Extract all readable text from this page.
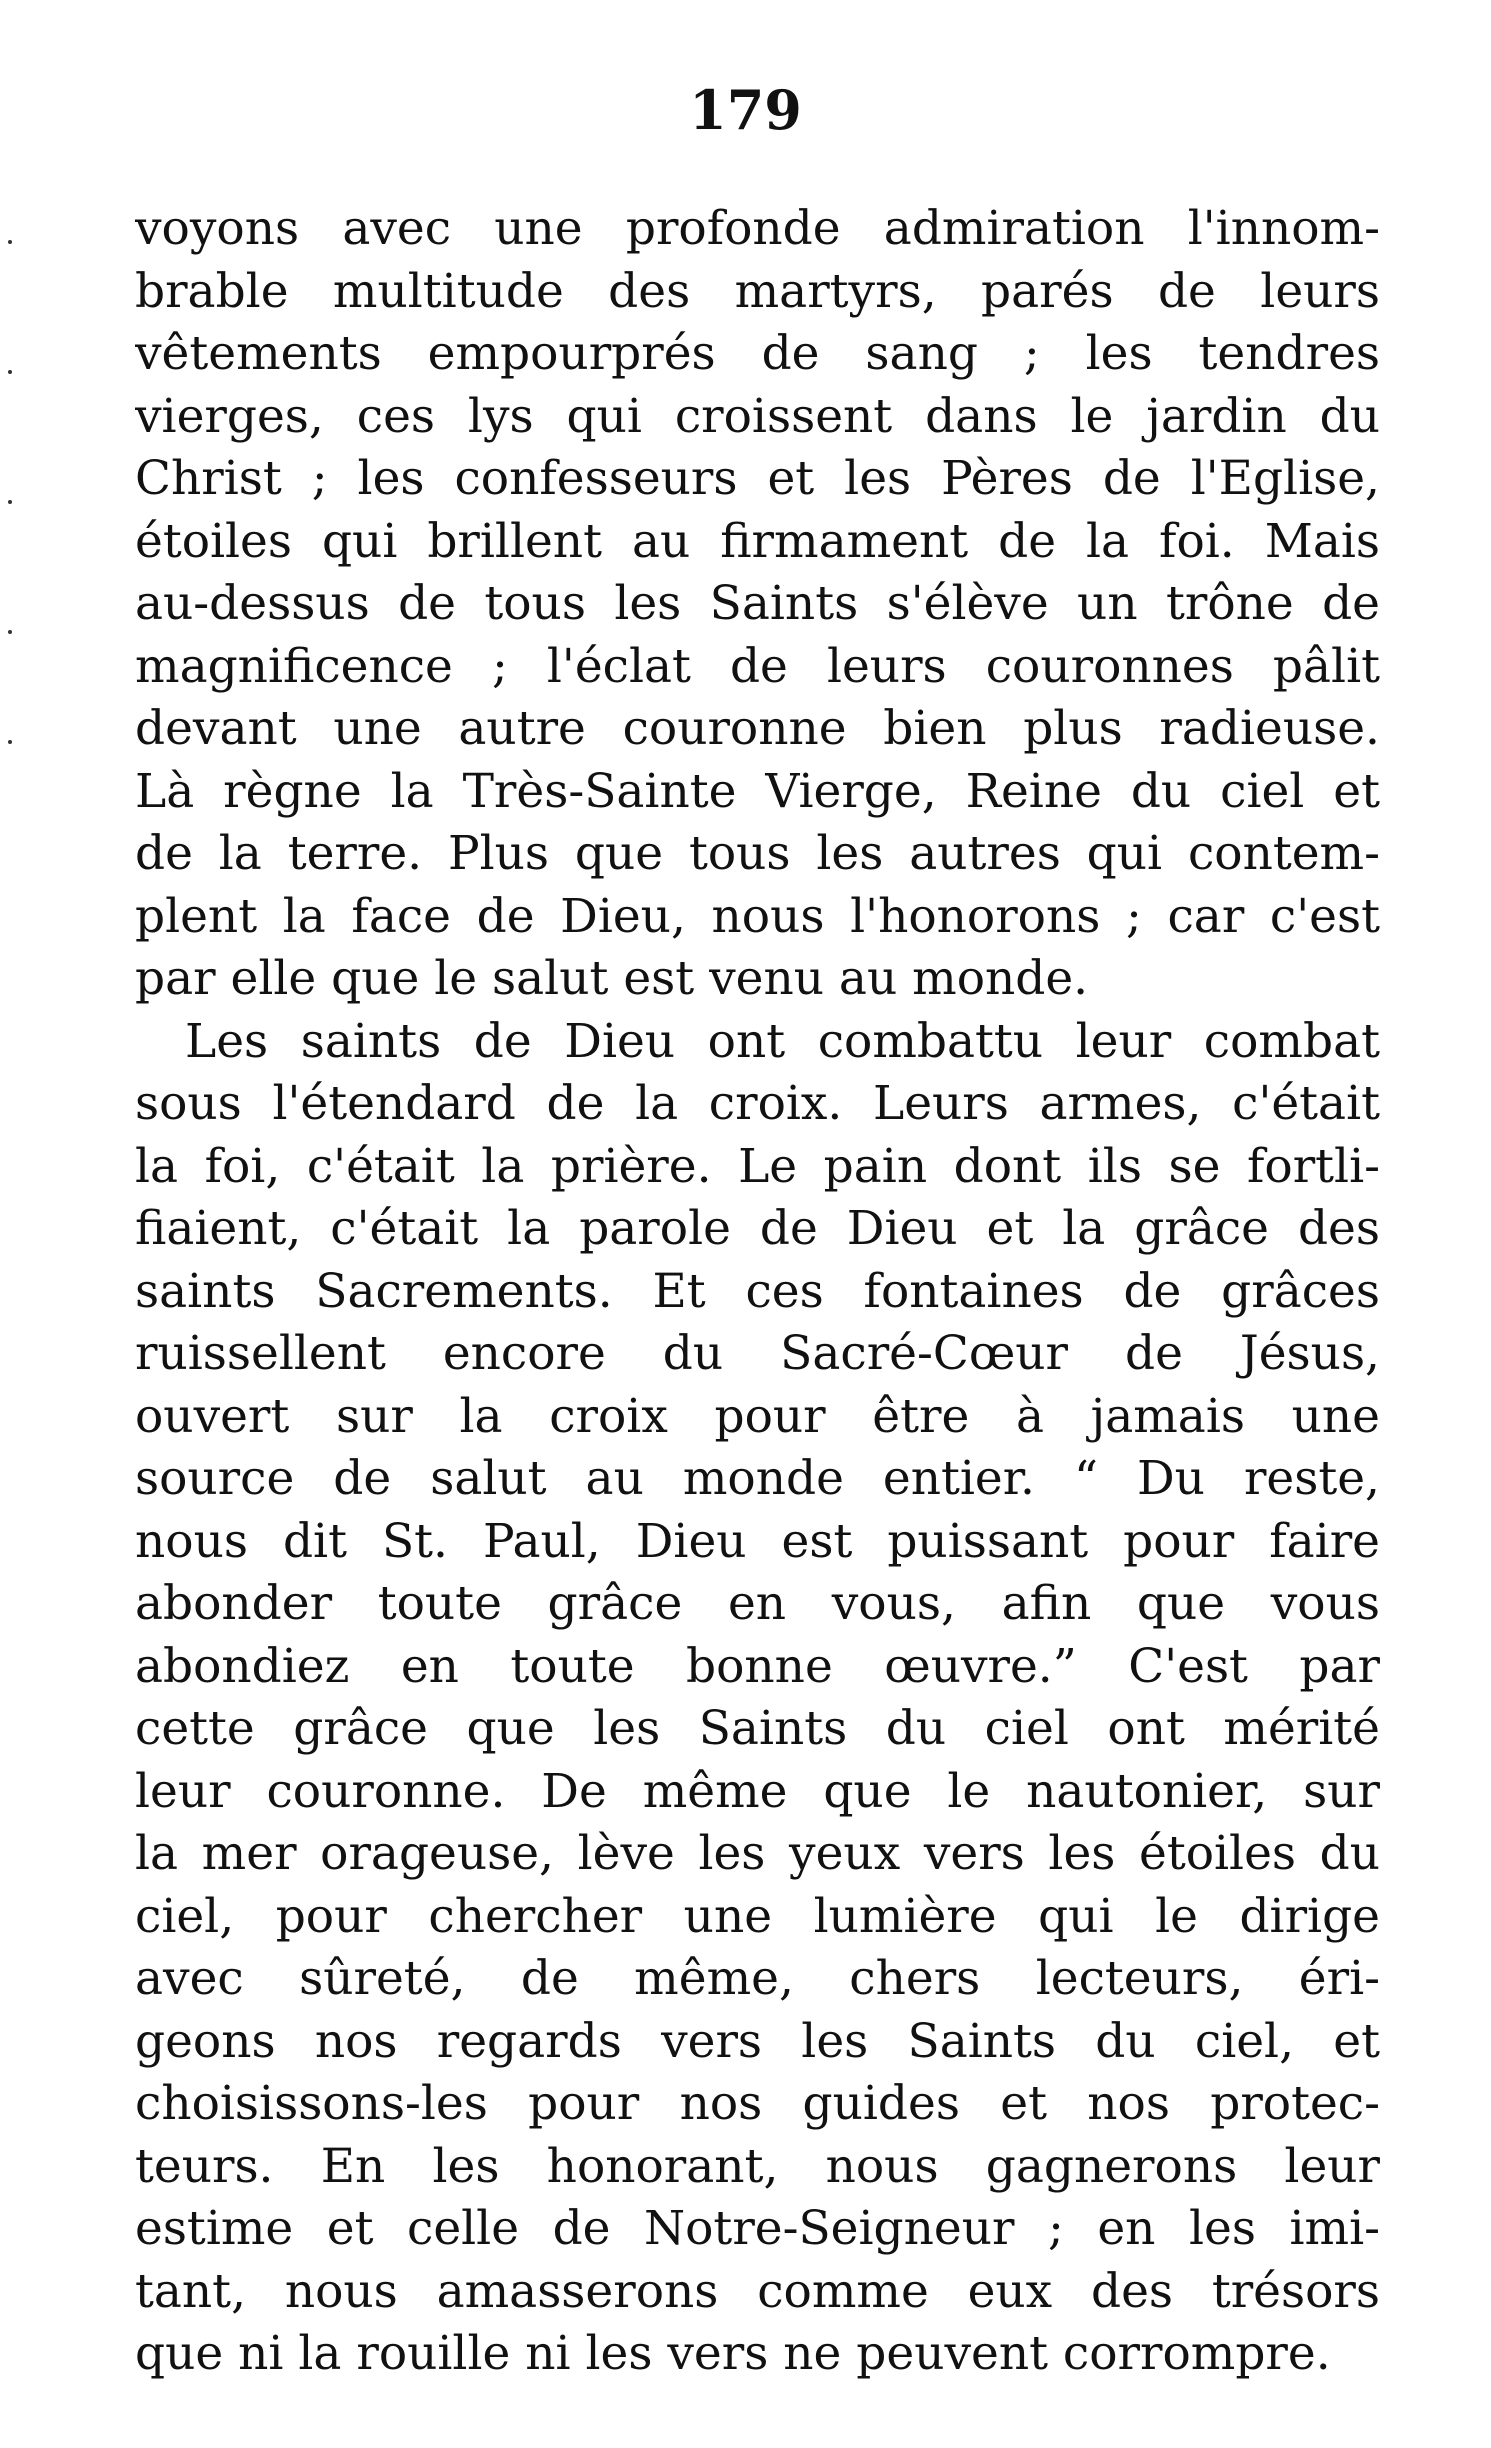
179
voyons avec une profonde admiration l'innom-
brable multitude des martyrs, parés de leurs
vêtements empourprés de sang ; les tendres
vierges, ces lys qui croissent dans le jardin du
Christ ; les confesseurs et les Pères de l'Eglise,
étoiles qui brillent au firmament de la foi. Mais
au-dessus de tous les Saints s'élève un trône de
magnificence ; l'éclat de leurs couronnes pâlit
devant une autre couronne bien plus radieuse.
Là règne la Très-Sainte Vierge, Reine du ciel et
de la terre. Plus que tous les autres qui contem-
plent la face de Dieu, nous l'honorons ; car c'est
par elle que le salut est venu au monde.
Les saints de Dieu ont combattu leur combat
sous l'étendard de la croix. Leurs armes, c'était
la foi, c'était la prière. Le pain dont ils se fortli-
fiaient, c'était la parole de Dieu et la grâce des
saints Sacrements. Et ces fontaines de grâces
ruissellent encore du Sacré-Cœur de Jésus,
ouvert sur la croix pour être à jamais une
source de salut au monde entier. “ Du reste,
nous dit St. Paul, Dieu est puissant pour faire
abonder toute grâce en vous, afin que vous
abondiez en toute bonne œuvre.” C'est par
cette grâce que les Saints du ciel ont mérité
leur couronne. De même que le nautonier, sur
la mer orageuse, lève les yeux vers les étoiles du
ciel, pour chercher une lumière qui le dirige
avec sûreté, de même, chers lecteurs, éri-
geons nos regards vers les Saints du ciel, et
choisissons-les pour nos guides et nos protec-
teurs. En les honorant, nous gagnerons leur
estime et celle de Notre-Seigneur ; en les imi-
tant, nous amasserons comme eux des trésors
que ni la rouille ni les vers ne peuvent corrompre.
